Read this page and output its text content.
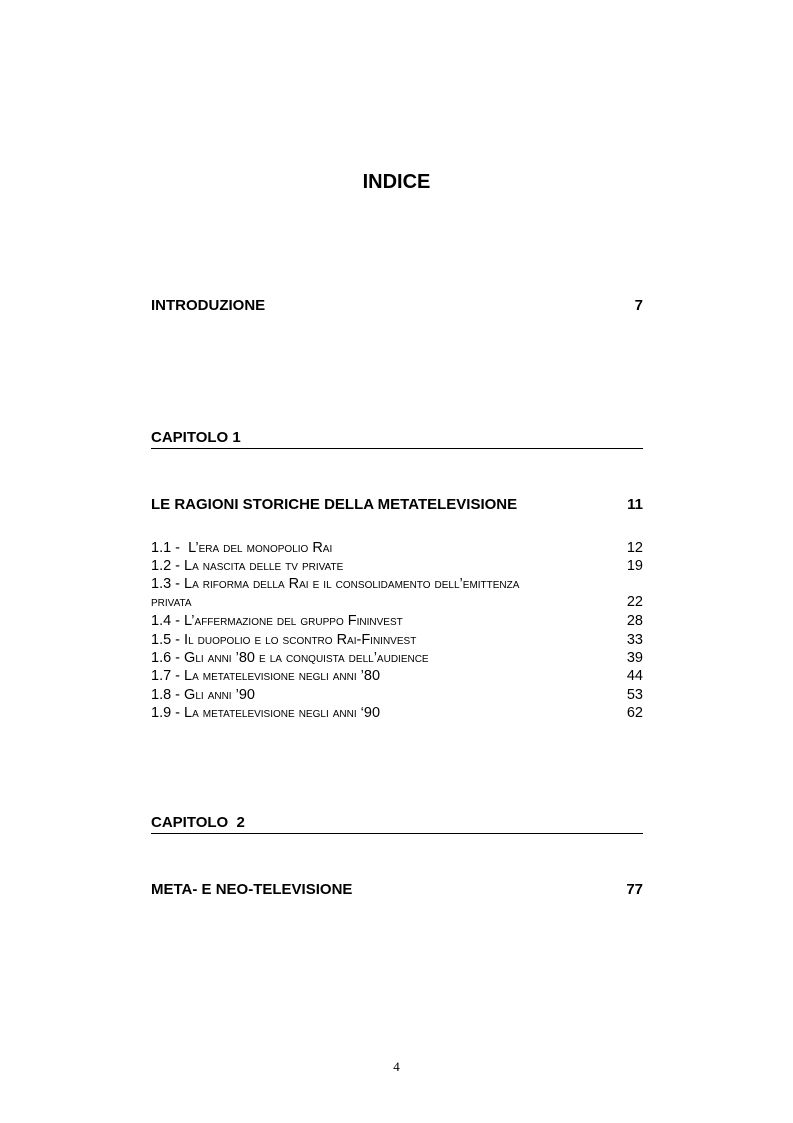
INDICE
INTRODUZIONE	7
CAPITOLO 1
LE RAGIONI STORICHE DELLA METATELEVISIONE	11
1.1 -  L’era del monopolio Rai	12
1.2 - La nascita delle tv private	19
1.3 - La riforma della Rai e il consolidamento dell’emittenza
privata	22
1.4 - L’affermazione del gruppo Fininvest	28
1.5 - Il duopolio e lo scontro Rai-Fininvest	33
1.6 - Gli anni ’80 e la conquista dell’audience	39
1.7 - La metatelevisione negli anni ’80	44
1.8 - Gli anni ’90	53
1.9 - La metatelevisione negli anni ‘90	62
CAPITOLO  2
META- E NEO-TELEVISIONE	77
4
